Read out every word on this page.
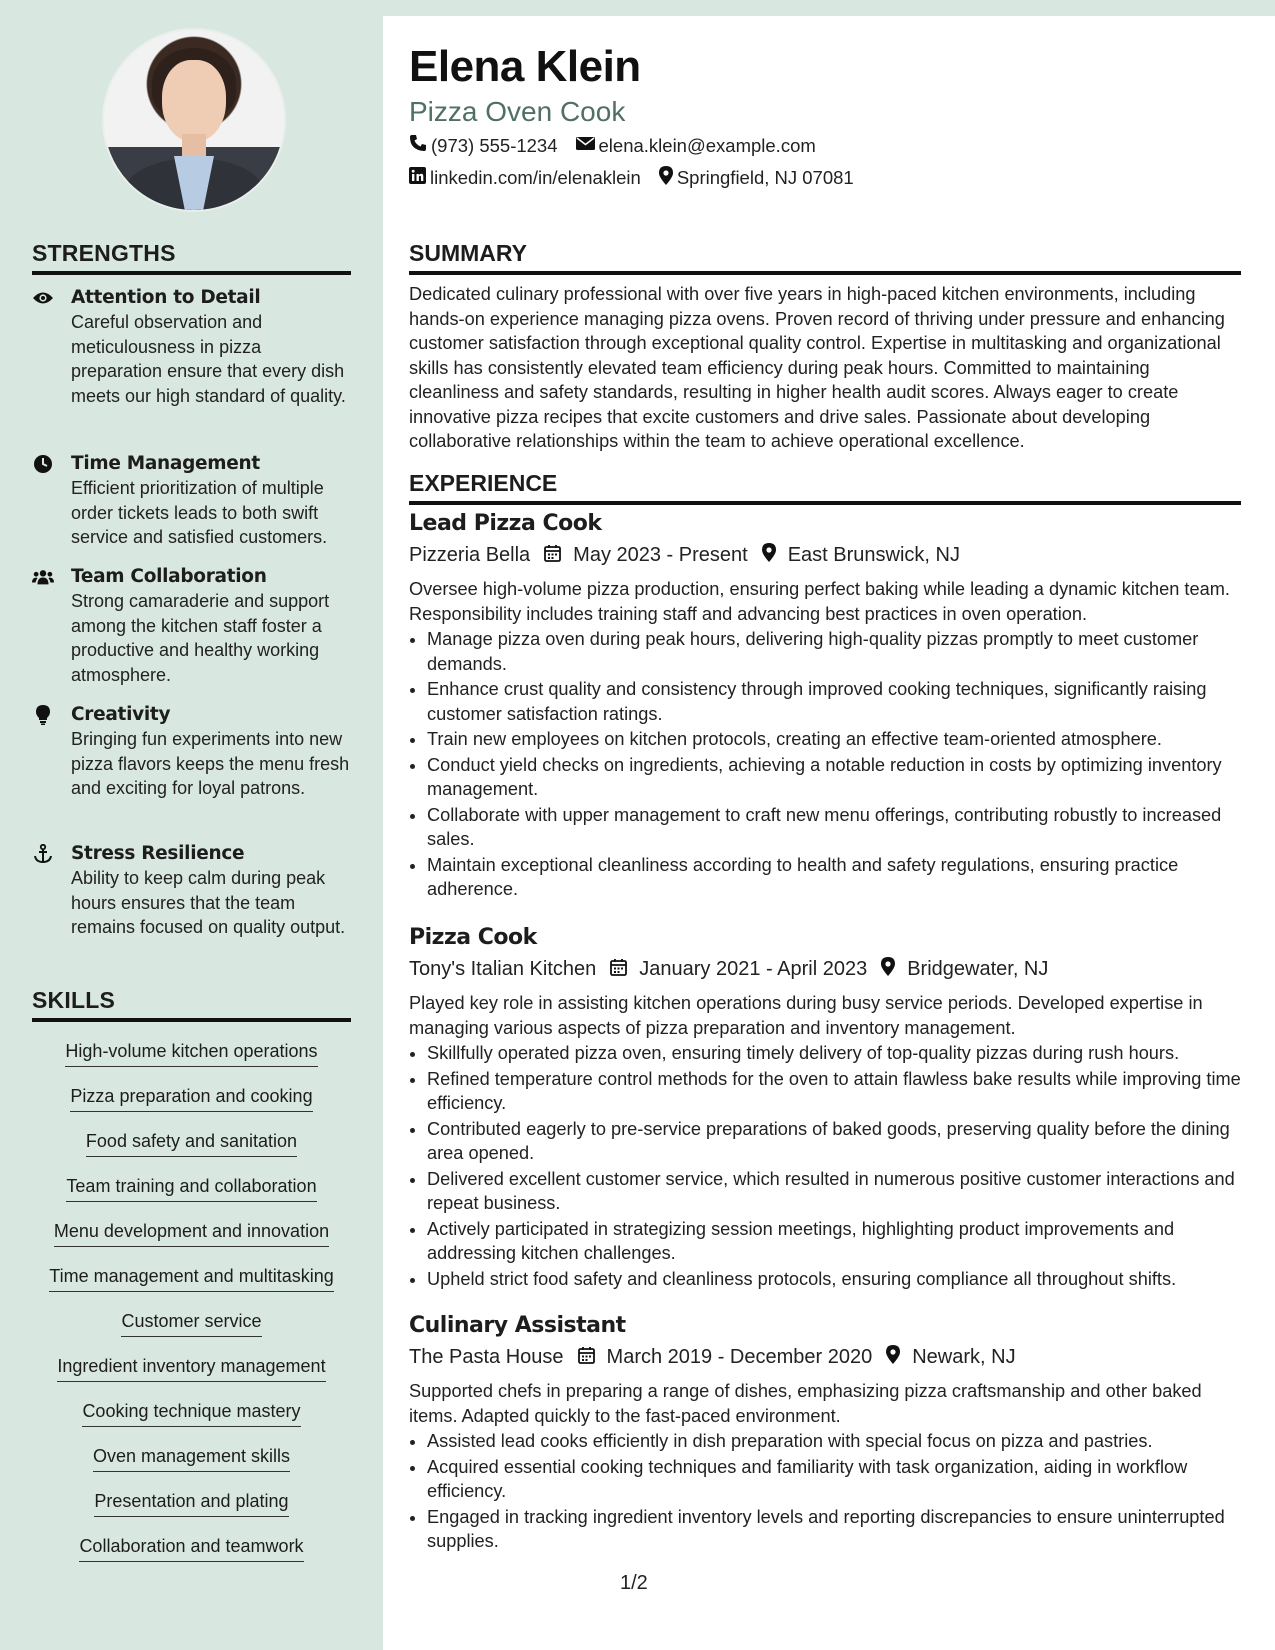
STRENGTHS
Attention to Detail
Careful observation and meticulousness in pizza preparation ensure that every dish meets our high standard of quality.
Time Management
Efficient prioritization of multiple order tickets leads to both swift service and satisfied customers.
Team Collaboration
Strong camaraderie and support among the kitchen staff foster a productive and healthy working atmosphere.
Creativity
Bringing fun experiments into new pizza flavors keeps the menu fresh and exciting for loyal patrons.
Stress Resilience
Ability to keep calm during peak hours ensures that the team remains focused on quality output.
SKILLS
High-volume kitchen operations
Pizza preparation and cooking
Food safety and sanitation
Team training and collaboration
Menu development and innovation
Time management and multitasking
Customer service
Ingredient inventory management
Cooking technique mastery
Oven management skills
Presentation and plating
Collaboration and teamwork
Elena Klein
Pizza Oven Cook
(973) 555-1234 elena.klein@example.com
linkedin.com/in/elenaklein Springfield, NJ 07081
SUMMARY
Dedicated culinary professional with over five years in high-paced kitchen environments, including hands-on experience managing pizza ovens. Proven record of thriving under pressure and enhancing customer satisfaction through exceptional quality control. Expertise in multitasking and organizational skills has consistently elevated team efficiency during peak hours. Committed to maintaining cleanliness and safety standards, resulting in higher health audit scores. Always eager to create innovative pizza recipes that excite customers and drive sales. Passionate about developing collaborative relationships within the team to achieve operational excellence.
EXPERIENCE
Lead Pizza Cook
Pizzeria Bella May 2023 - Present East Brunswick, NJ
Oversee high-volume pizza production, ensuring perfect baking while leading a dynamic kitchen team. Responsibility includes training staff and advancing best practices in oven operation.
• Manage pizza oven during peak hours, delivering high-quality pizzas promptly to meet customer demands.
• Enhance crust quality and consistency through improved cooking techniques, significantly raising customer satisfaction ratings.
• Train new employees on kitchen protocols, creating an effective team-oriented atmosphere.
• Conduct yield checks on ingredients, achieving a notable reduction in costs by optimizing inventory management.
• Collaborate with upper management to craft new menu offerings, contributing robustly to increased sales.
• Maintain exceptional cleanliness according to health and safety regulations, ensuring practice adherence.
Pizza Cook
Tony's Italian Kitchen January 2021 - April 2023 Bridgewater, NJ
Played key role in assisting kitchen operations during busy service periods. Developed expertise in managing various aspects of pizza preparation and inventory management.
• Skillfully operated pizza oven, ensuring timely delivery of top-quality pizzas during rush hours.
• Refined temperature control methods for the oven to attain flawless bake results while improving time efficiency.
• Contributed eagerly to pre-service preparations of baked goods, preserving quality before the dining area opened.
• Delivered excellent customer service, which resulted in numerous positive customer interactions and repeat business.
• Actively participated in strategizing session meetings, highlighting product improvements and addressing kitchen challenges.
• Upheld strict food safety and cleanliness protocols, ensuring compliance all throughout shifts.
Culinary Assistant
The Pasta House March 2019 - December 2020 Newark, NJ
Supported chefs in preparing a range of dishes, emphasizing pizza craftsmanship and other baked items. Adapted quickly to the fast-paced environment.
• Assisted lead cooks efficiently in dish preparation with special focus on pizza and pastries.
• Acquired essential cooking techniques and familiarity with task organization, aiding in workflow efficiency.
• Engaged in tracking ingredient inventory levels and reporting discrepancies to ensure uninterrupted supplies.
1/2
